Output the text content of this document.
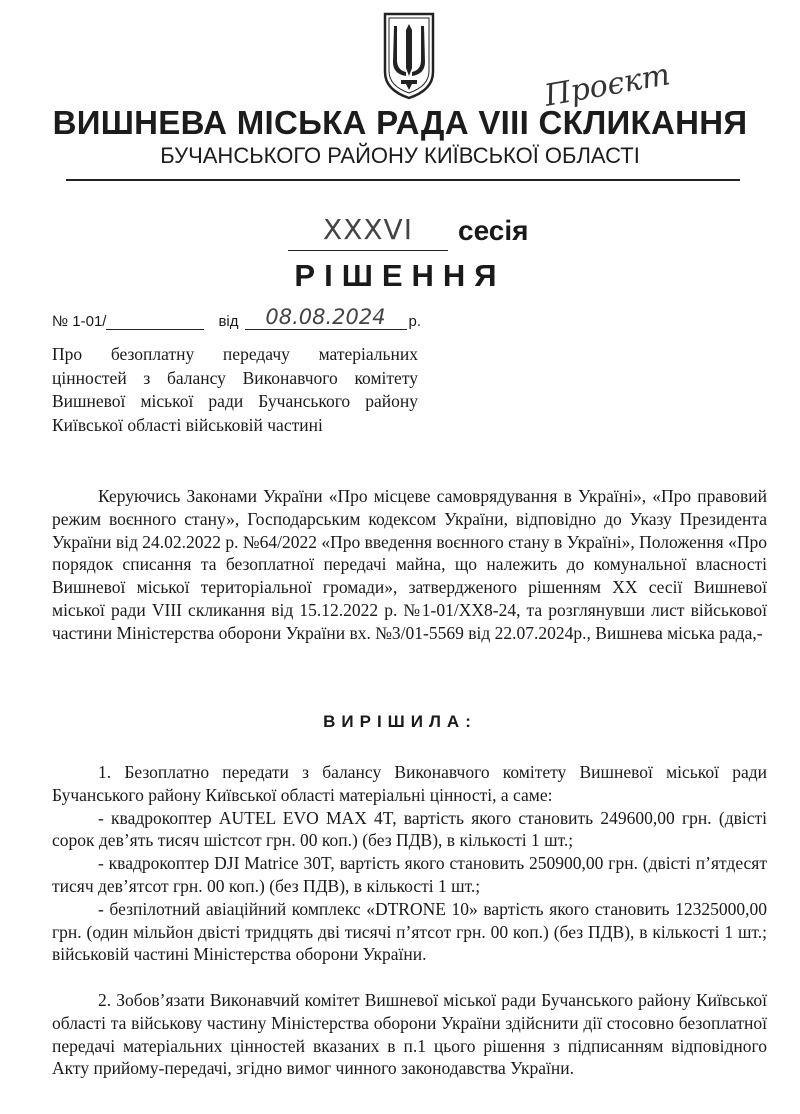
Проєкт
ВИШНЕВА МІСЬКА РАДА VIII СКЛИКАННЯ
БУЧАНСЬКОГО РАЙОНУ КИЇВСЬКОЇ ОБЛАСТІ
XXXVI	сесія
РІШЕННЯ
№ 1-01/	від	08.08.2024	р.
Про безоплатну передачу матеріальних цінностей з балансу Виконавчого комітету Вишневої міської ради Бучанського району Київської області військовій частині
Керуючись Законами України «Про місцеве самоврядування в Україні», «Про правовий режим воєнного стану», Господарським кодексом України, відповідно до Указу Президента України від 24.02.2022 р. №64/2022 «Про введення воєнного стану в Україні», Положення «Про порядок списання та безоплатної передачі майна, що належить до комунальної власності Вишневої міської територіальної громади», затвердженого рішенням ХХ сесії Вишневої міської ради VIII скликання від 15.12.2022 р. №1-01/ХХ8-24, та розглянувши лист військової частини Міністерства оборони України вх. №3/01-5569 від 22.07.2024р., Вишнева міська рада,-
ВИРІШИЛА:

1. Безоплатно передати з балансу Виконавчого комітету Вишневої міської ради Бучанського району Київської області матеріальні цінності, а саме:

- квадрокоптер AUTEL EVO MAX 4T, вартість якого становить 249600,00 грн. (двісті сорок дев’ять тисяч шістсот грн. 00 коп.) (без ПДВ), в кількості 1 шт.;

- квадрокоптер DJI Matrice 30T, вартість якого становить 250900,00 грн. (двісті п’ятдесят тисяч дев’ятсот грн. 00 коп.) (без ПДВ), в кількості 1 шт.;

- безпілотний авіаційний комплекс «DTRONE 10» вартість якого становить 12325000,00 грн. (один мільйон двісті тридцять дві тисячі п’ятсот грн. 00 коп.) (без ПДВ), в кількості 1 шт.; військовій частині Міністерства оборони України.

2. Зобов’язати Виконавчий комітет Вишневої міської ради Бучанського району Київської області та військову частину Міністерства оборони України здійснити дії стосовно безоплатної передачі матеріальних цінностей вказаних в п.1 цього рішення з підписанням відповідного Акту прийому-передачі, згідно вимог чинного законодавства України.
